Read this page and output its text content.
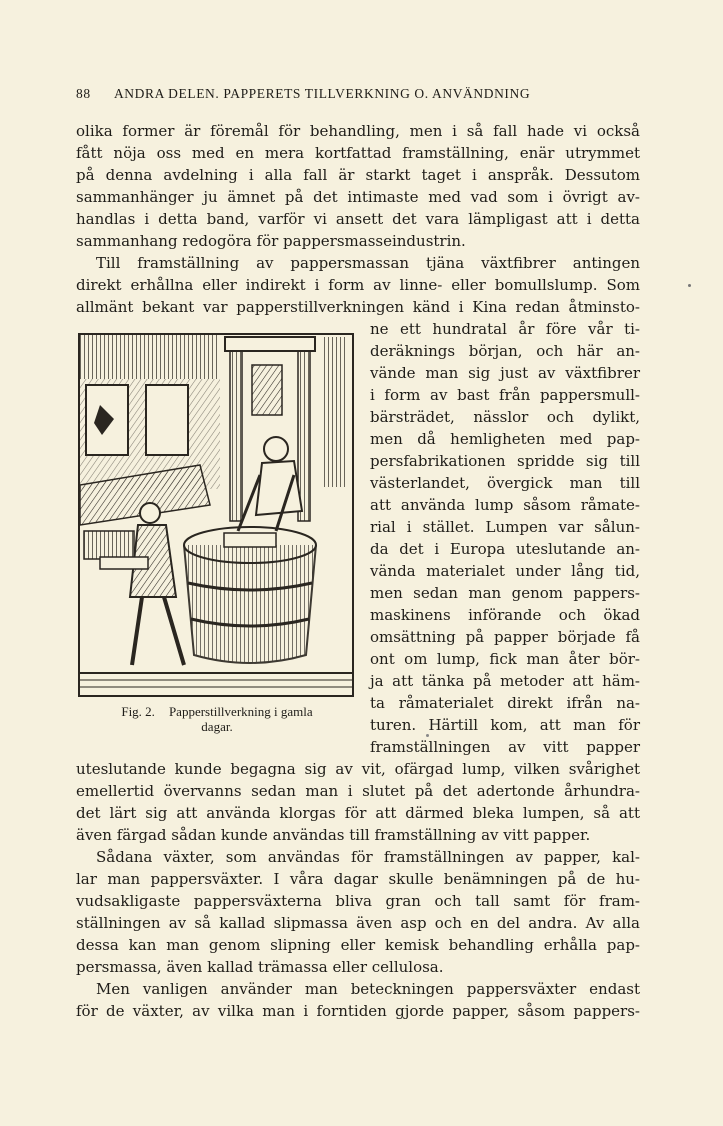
88 ANDRA DELEN. PAPPERETS TILLVERKNING O. ANVÄNDNING
olika former är föremål för behandling, men i så fall hade vi också
fått nöja oss med en mera kortfattad framställning, enär utrymmet
på denna avdelning i alla fall är starkt taget i anspråk. Dessutom
sammanhänger ju ämnet på det intimaste med vad som i övrigt av-
handlas i detta band, varför vi ansett det vara lämpligast att i detta
sammanhang redogöra för pappersmasseindustrin.
Till framställning av pappersmassan tjäna växtfibrer antingen
direkt erhållna eller indirekt i form av linne- eller bomullslump. Som
allmänt bekant var papperstillverkningen känd i Kina redan åtminsto-
ne ett hundratal år före vår ti-
deräknings början, och här an-
vände man sig just av växtfibrer
i form av bast från pappersmull-
bärsträdet, nässlor och dylikt,
men då hemligheten med pap-
persfabrikationen spridde sig till
västerlandet, övergick man till
att använda lump såsom råmate-
rial i stället. Lumpen var sålun-
da det i Europa uteslutande an-
vända materialet under lång tid,
men sedan man genom pappers-
maskinens införande och ökad
omsättning på papper började få
ont om lump, fick man åter bör-
ja att tänka på metoder att häm-
ta råmaterialet direkt ifrån na-
turen. Härtill kom, att man för
framställningen av vitt papper
uteslutande kunde begagna sig av vit, ofärgad lump, vilken svårighet
emellertid övervanns sedan man i slutet på det adertonde århundra-
det lärt sig att använda klorgas för att därmed bleka lumpen, så att
även färgad sådan kunde användas till framställning av vitt papper.
Sådana växter, som användas för framställningen av papper, kal-
lar man pappersväxter. I våra dagar skulle benämningen på de hu-
vudsakligaste pappersväxterna bliva gran och tall samt för fram-
ställningen av så kallad slipmassa även asp och en del andra. Av alla
dessa kan man genom slipning eller kemisk behandling erhålla pap-
persmassa, även kallad trämassa eller cellulosa.
Men vanligen använder man beteckningen pappersväxter endast
för de växter, av vilka man i forntiden gjorde papper, såsom pappers-
Fig. 2. Papperstillverkning i gamla
dagar.
